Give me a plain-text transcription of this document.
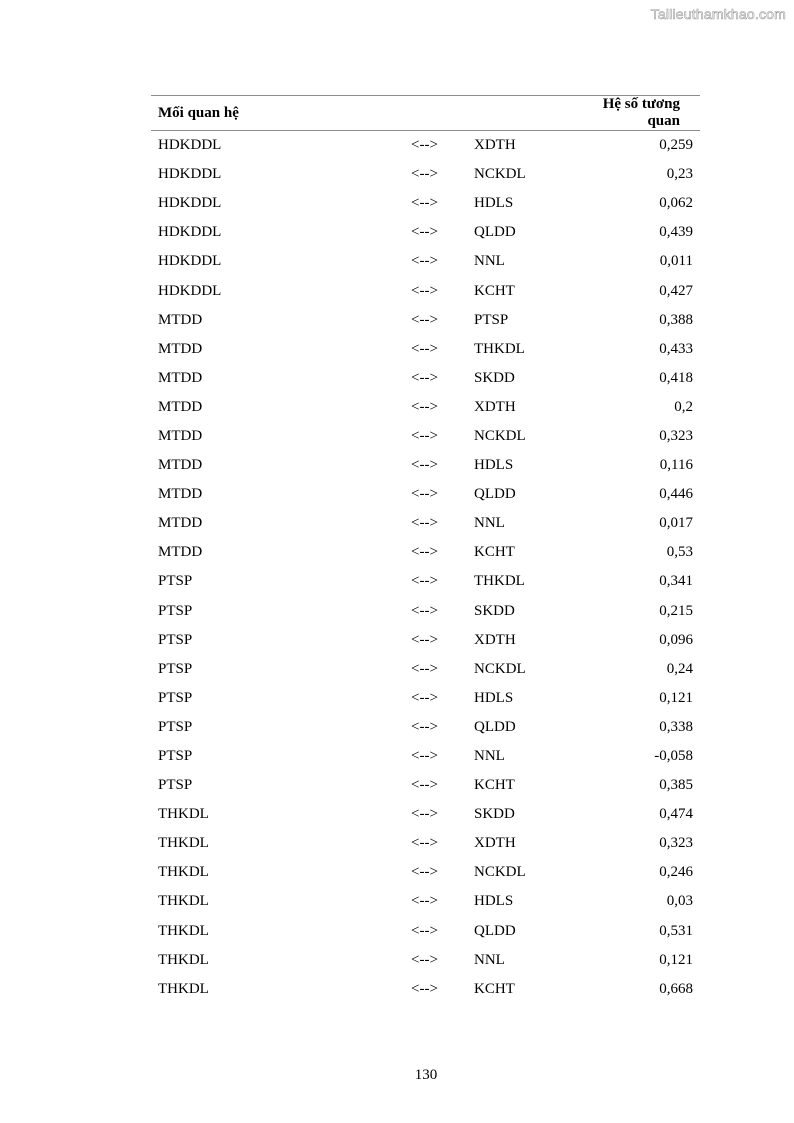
Tailieuthamkhao.com
Mối quan hệ			Hệ số tương quan
HDKDDL	<-->	XDTH	0,259
HDKDDL	<-->	NCKDL	0,23
HDKDDL	<-->	HDLS	0,062
HDKDDL	<-->	QLDD	0,439
HDKDDL	<-->	NNL	0,011
HDKDDL	<-->	KCHT	0,427
MTDD	<-->	PTSP	0,388
MTDD	<-->	THKDL	0,433
MTDD	<-->	SKDD	0,418
MTDD	<-->	XDTH	0,2
MTDD	<-->	NCKDL	0,323
MTDD	<-->	HDLS	0,116
MTDD	<-->	QLDD	0,446
MTDD	<-->	NNL	0,017
MTDD	<-->	KCHT	0,53
PTSP	<-->	THKDL	0,341
PTSP	<-->	SKDD	0,215
PTSP	<-->	XDTH	0,096
PTSP	<-->	NCKDL	0,24
PTSP	<-->	HDLS	0,121
PTSP	<-->	QLDD	0,338
PTSP	<-->	NNL	-0,058
PTSP	<-->	KCHT	0,385
THKDL	<-->	SKDD	0,474
THKDL	<-->	XDTH	0,323
THKDL	<-->	NCKDL	0,246
THKDL	<-->	HDLS	0,03
THKDL	<-->	QLDD	0,531
THKDL	<-->	NNL	0,121
THKDL	<-->	KCHT	0,668
130
